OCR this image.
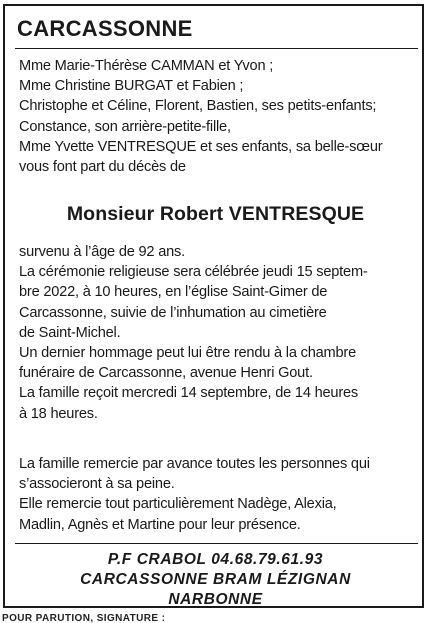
CARCASSONNE
Mme Marie-Thérèse CAMMAN et Yvon ;
Mme Christine BURGAT et Fabien ;
Christophe et Céline, Florent, Bastien, ses petits-enfants;
Constance, son arrière-petite-fille,
Mme Yvette VENTRESQUE et ses enfants, sa belle-sœur
vous font part du décès de
Monsieur Robert VENTRESQUE
survenu à l’âge de 92 ans.
La cérémonie religieuse sera célébrée jeudi 15 septem-
bre 2022, à 10 heures, en l’église Saint-Gimer de
Carcassonne, suivie de l’inhumation au cimetière
de Saint-Michel.
Un dernier hommage peut lui être rendu à la chambre
funéraire de Carcassonne, avenue Henri Gout.
La famille reçoit mercredi 14 septembre, de 14 heures
à 18 heures.
La famille remercie par avance toutes les personnes qui
s’associeront à sa peine.
Elle remercie tout particulièrement Nadège, Alexia,
Madlin, Agnès et Martine pour leur présence.
P.F CRABOL 04.68.79.61.93
CARCASSONNE BRAM LÉZIGNAN
NARBONNE
POUR PARUTION, SIGNATURE :
